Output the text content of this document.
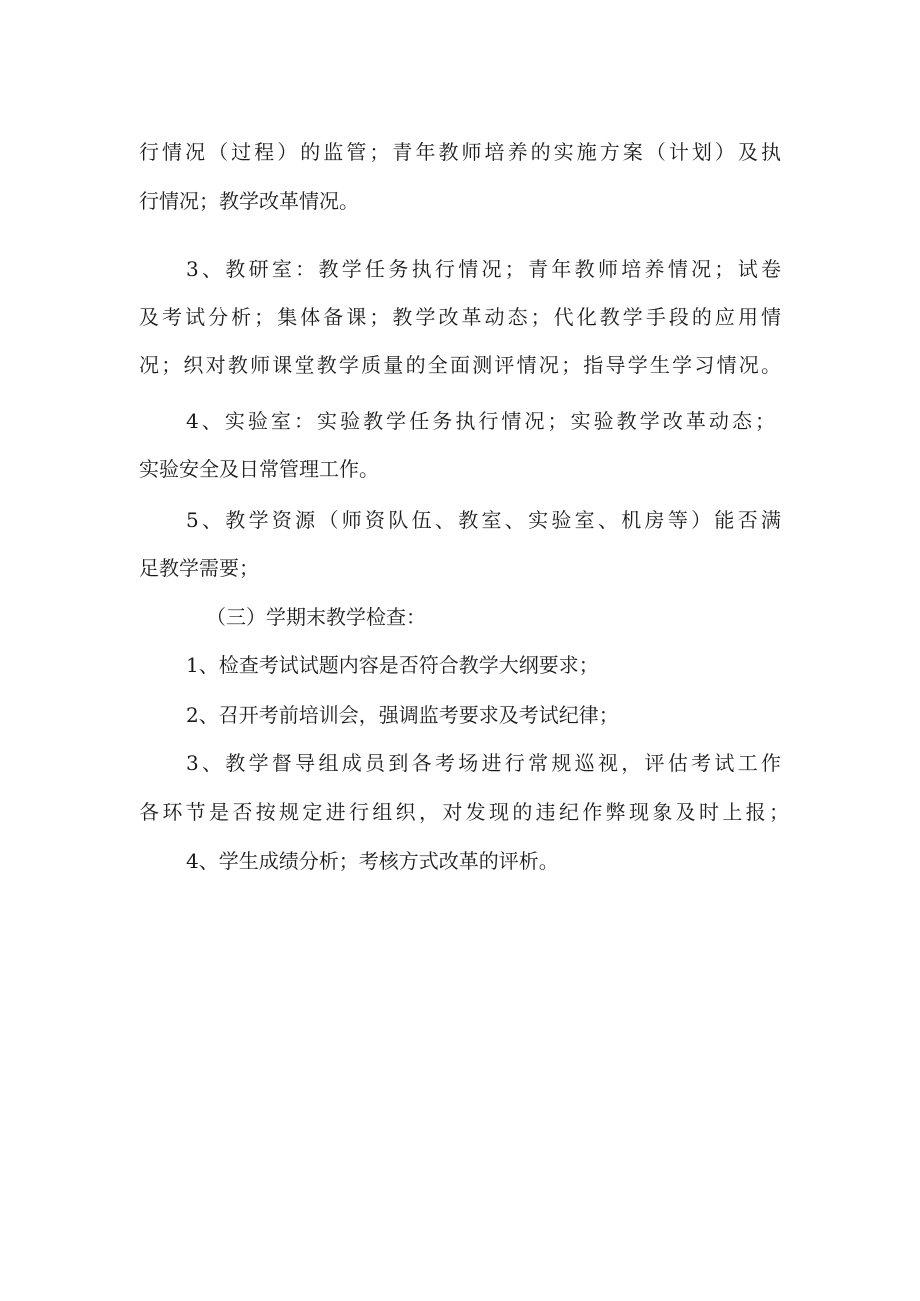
行情况（过程）的监管；青年教师培养的实施方案（计划）及执
行情况；教学改革情况。
3、教研室：教学任务执行情况；青年教师培养情况；试卷
及考试分析；集体备课；教学改革动态；代化教学手段的应用情
况；织对教师课堂教学质量的全面测评情况；指导学生学习情况。
4、实验室：实验教学任务执行情况；实验教学改革动态；
实验安全及日常管理工作。
5、教学资源（师资队伍、教室、实验室、机房等）能否满
足教学需要；
（三）学期末教学检查：
1、检查考试试题内容是否符合教学大纲要求；
2、召开考前培训会，强调监考要求及考试纪律；
3、教学督导组成员到各考场进行常规巡视，评估考试工作
各环节是否按规定进行组织，对发现的违纪作弊现象及时上报；
4、学生成绩分析；考核方式改革的评析。
